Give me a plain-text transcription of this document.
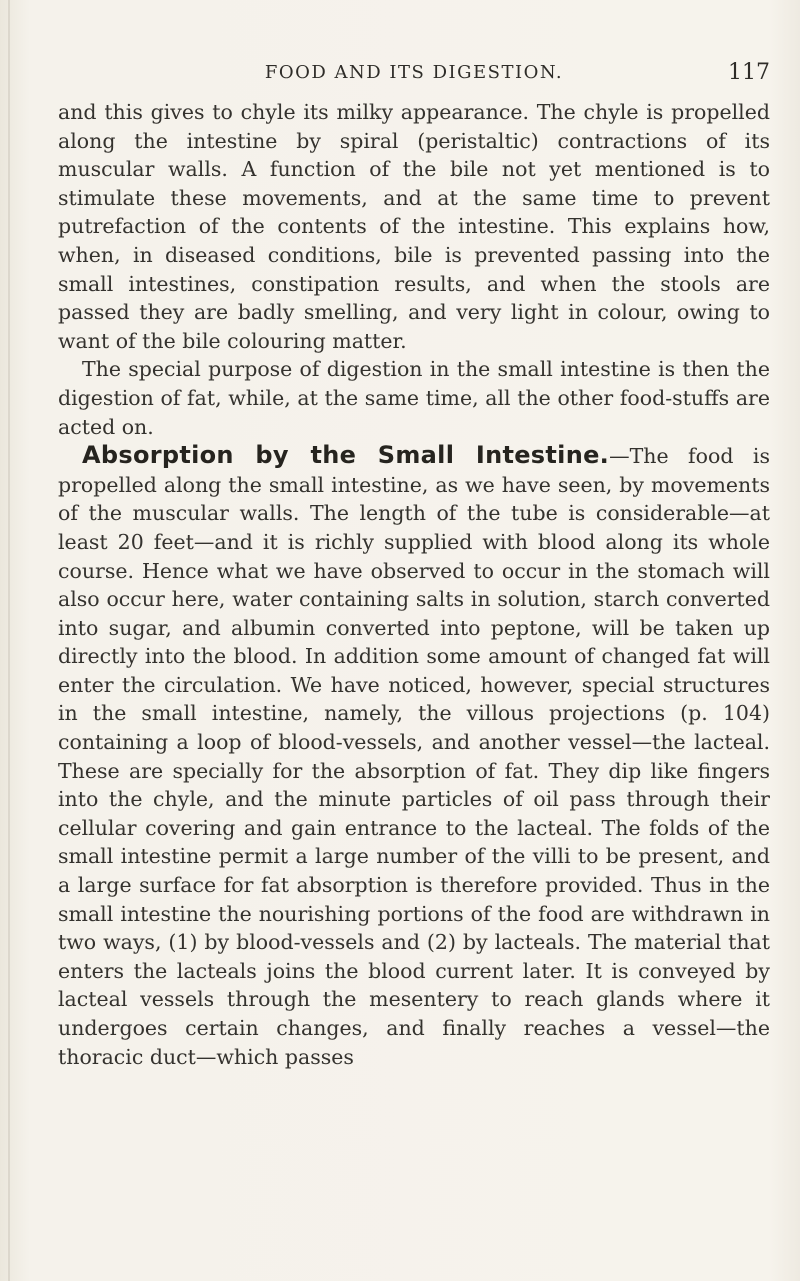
FOOD AND ITS DIGESTION.	117

and this gives to chyle its milky appearance. The chyle is propelled along the intestine by spiral (peristaltic) contractions of its muscular walls. A function of the bile not yet mentioned is to stimulate these movements, and at the same time to prevent putrefaction of the contents of the intestine. This explains how, when, in diseased conditions, bile is prevented passing into the small intestines, constipation results, and when the stools are passed they are badly smelling, and very light in colour, owing to want of the bile colouring matter.

The special purpose of digestion in the small intestine is then the digestion of fat, while, at the same time, all the other food-stuffs are acted on.

Absorption by the Small Intestine.—The food is propelled along the small intestine, as we have seen, by movements of the muscular walls. The length of the tube is considerable—at least 20 feet—and it is richly supplied with blood along its whole course. Hence what we have observed to occur in the stomach will also occur here, water containing salts in solution, starch converted into sugar, and albumin converted into peptone, will be taken up directly into the blood. In addition some amount of changed fat will enter the circulation. We have noticed, however, special structures in the small intestine, namely, the villous projections (p. 104) containing a loop of blood-vessels, and another vessel—the lacteal. These are specially for the absorption of fat. They dip like fingers into the chyle, and the minute particles of oil pass through their cellular covering and gain entrance to the lacteal. The folds of the small intestine permit a large number of the villi to be present, and a large surface for fat absorption is therefore provided. Thus in the small intestine the nourishing portions of the food are withdrawn in two ways, (1) by blood-vessels and (2) by lacteals. The material that enters the lacteals joins the blood current later. It is conveyed by lacteal vessels through the mesentery to reach glands where it undergoes certain changes, and finally reaches a vessel—the thoracic duct—which passes
